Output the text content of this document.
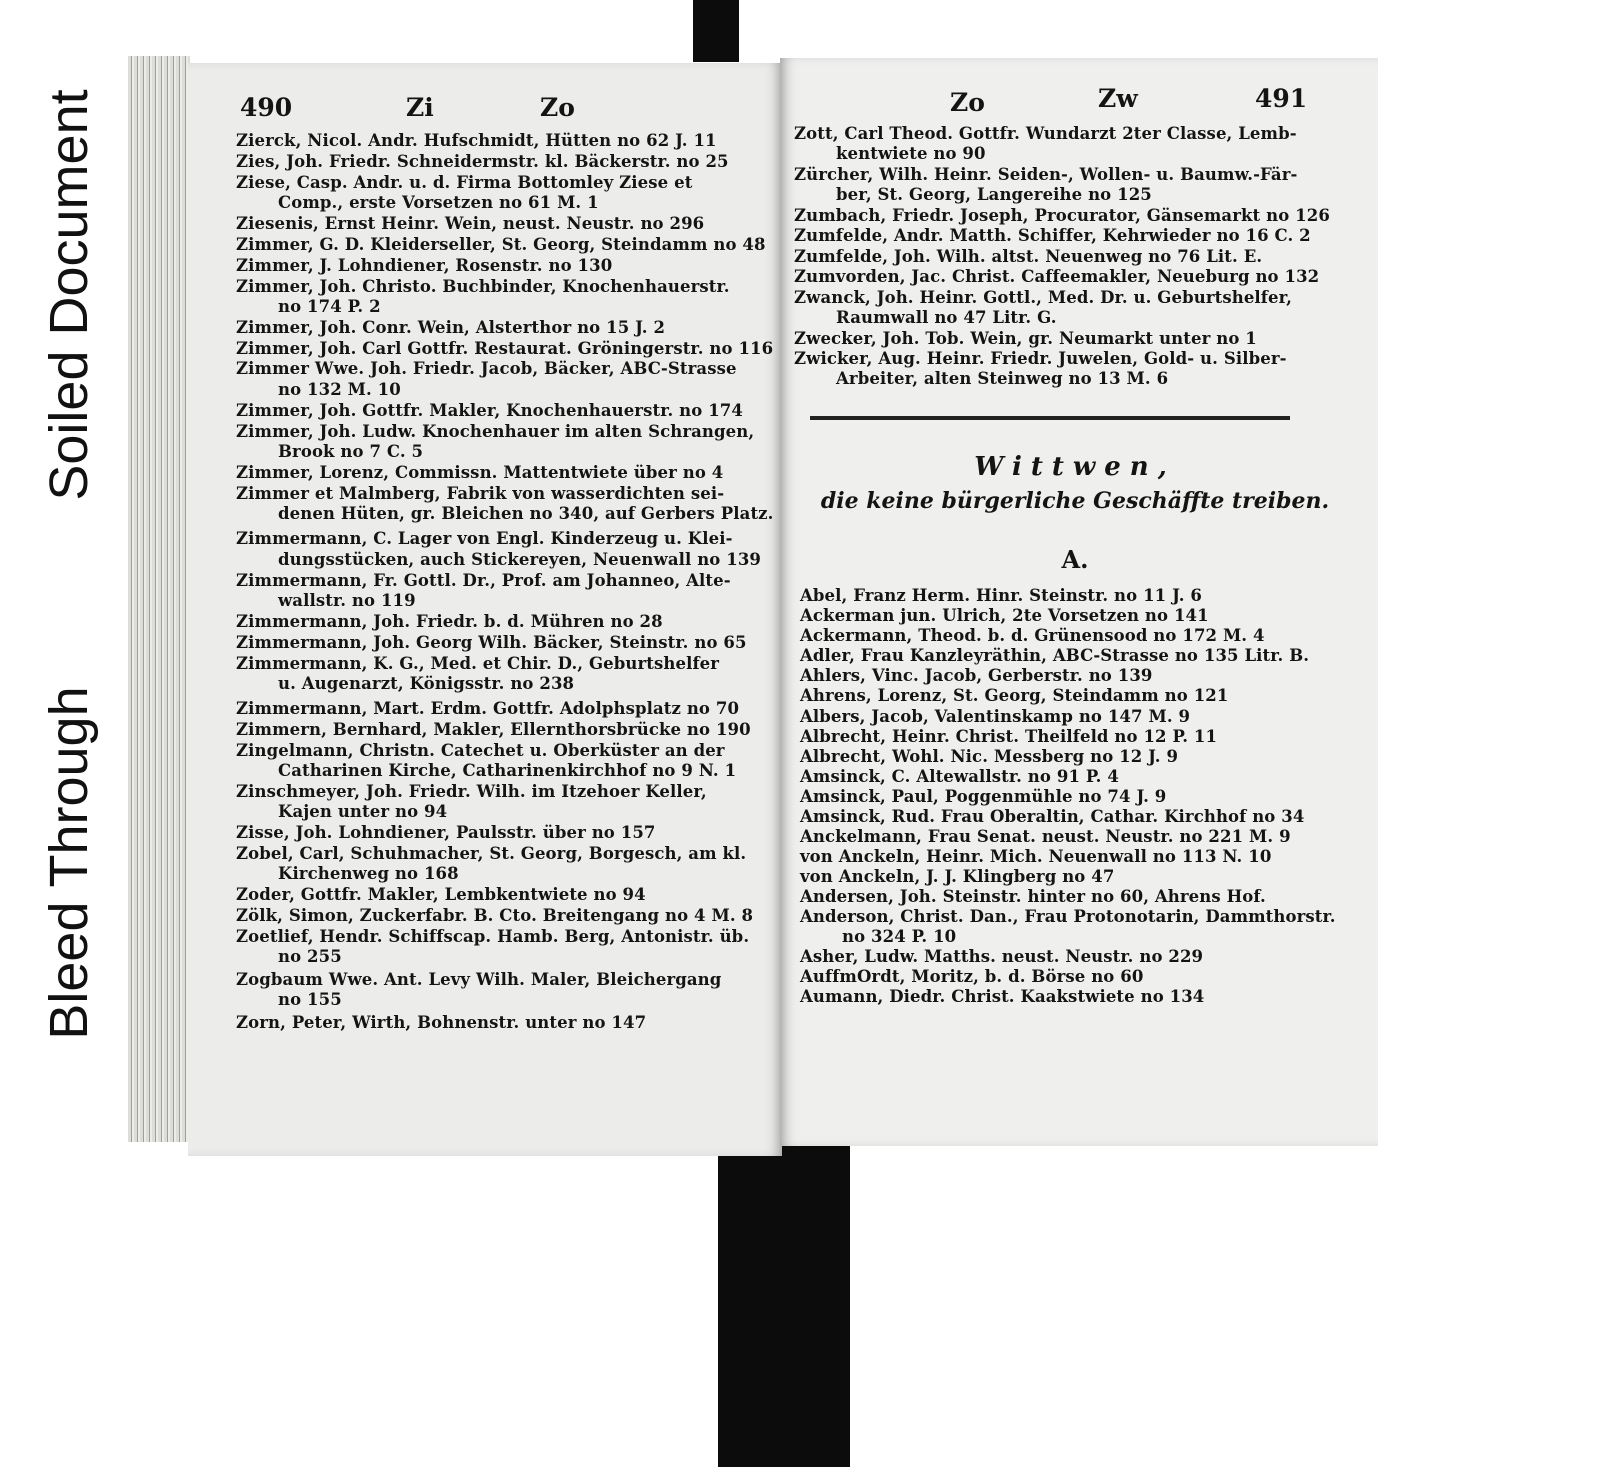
Soiled Document
Bleed Through
490	Zi	Zo
Zierck, Nicol. Andr. Hufschmidt, Hütten no 62 J. 11
Zies, Joh. Friedr. Schneidermstr. kl. Bäckerstr. no 25
Ziese, Casp. Andr. u. d. Firma Bottomley Ziese et
Comp., erste Vorsetzen no 61 M. 1
Ziesenis, Ernst Heinr. Wein, neust. Neustr. no 296
Zimmer, G. D. Kleiderseller, St. Georg, Steindamm no 48
Zimmer, J. Lohndiener, Rosenstr. no 130
Zimmer, Joh. Christo. Buchbinder, Knochenhauerstr.
no 174 P. 2
Zimmer, Joh. Conr. Wein, Alsterthor no 15 J. 2
Zimmer, Joh. Carl Gottfr. Restaurat. Gröningerstr. no 116
Zimmer Wwe. Joh. Friedr. Jacob, Bäcker, ABC-Strasse
no 132 M. 10
Zimmer, Joh. Gottfr. Makler, Knochenhauerstr. no 174
Zimmer, Joh. Ludw. Knochenhauer im alten Schrangen,
Brook no 7 C. 5
Zimmer, Lorenz, Commissn. Mattentwiete über no 4
Zimmer et Malmberg, Fabrik von wasserdichten sei-
denen Hüten, gr. Bleichen no 340, auf Gerbers Platz.
Zimmermann, C. Lager von Engl. Kinderzeug u. Klei-
dungsstücken, auch Stickereyen, Neuenwall no 139
Zimmermann, Fr. Gottl. Dr., Prof. am Johanneo, Alte-
wallstr. no 119
Zimmermann, Joh. Friedr. b. d. Mühren no 28
Zimmermann, Joh. Georg Wilh. Bäcker, Steinstr. no 65
Zimmermann, K. G., Med. et Chir. D., Geburtshelfer
u. Augenarzt, Königsstr. no 238
Zimmermann, Mart. Erdm. Gottfr. Adolphsplatz no 70
Zimmern, Bernhard, Makler, Ellernthorsbrücke no 190
Zingelmann, Christn. Catechet u. Oberküster an der
Catharinen Kirche, Catharinenkirchhof no 9 N. 1
Zinschmeyer, Joh. Friedr. Wilh. im Itzehoer Keller,
Kajen unter no 94
Zisse, Joh. Lohndiener, Paulsstr. über no 157
Zobel, Carl, Schuhmacher, St. Georg, Borgesch, am kl.
Kirchenweg no 168
Zoder, Gottfr. Makler, Lembkentwiete no 94
Zölk, Simon, Zuckerfabr. B. Cto. Breitengang no 4 M. 8
Zoetlief, Hendr. Schiffscap. Hamb. Berg, Antonistr. üb.
no 255
Zogbaum Wwe. Ant. Levy Wilh. Maler, Bleichergang
no 155
Zorn, Peter, Wirth, Bohnenstr. unter no 147
Zo	Zw	491
Zott, Carl Theod. Gottfr. Wundarzt 2ter Classe, Lemb-
kentwiete no 90
Zürcher, Wilh. Heinr. Seiden-, Wollen- u. Baumw.-Fär-
ber, St. Georg, Langereihe no 125
Zumbach, Friedr. Joseph, Procurator, Gänsemarkt no 126
Zumfelde, Andr. Matth. Schiffer, Kehrwieder no 16 C. 2
Zumfelde, Joh. Wilh. altst. Neuenweg no 76 Lit. E.
Zumvorden, Jac. Christ. Caffeemakler, Neueburg no 132
Zwanck, Joh. Heinr. Gottl., Med. Dr. u. Geburtshelfer,
Raumwall no 47 Litr. G.
Zwecker, Joh. Tob. Wein, gr. Neumarkt unter no 1
Zwicker, Aug. Heinr. Friedr. Juwelen, Gold- u. Silber-
Arbeiter, alten Steinweg no 13 M. 6
Wittwen,
die keine bürgerliche Geschäffte treiben.
A.
Abel, Franz Herm. Hinr. Steinstr. no 11 J. 6
Ackerman jun. Ulrich, 2te Vorsetzen no 141
Ackermann, Theod. b. d. Grünensood no 172 M. 4
Adler, Frau Kanzleyräthin, ABC-Strasse no 135 Litr. B.
Ahlers, Vinc. Jacob, Gerberstr. no 139
Ahrens, Lorenz, St. Georg, Steindamm no 121
Albers, Jacob, Valentinskamp no 147 M. 9
Albrecht, Heinr. Christ. Theilfeld no 12 P. 11
Albrecht, Wohl. Nic. Messberg no 12 J. 9
Amsinck, C. Altewallstr. no 91 P. 4
Amsinck, Paul, Poggenmühle no 74 J. 9
Amsinck, Rud. Frau Oberaltin, Cathar. Kirchhof no 34
Anckelmann, Frau Senat. neust. Neustr. no 221 M. 9
von Anckeln, Heinr. Mich. Neuenwall no 113 N. 10
von Anckeln, J. J. Klingberg no 47
Andersen, Joh. Steinstr. hinter no 60, Ahrens Hof.
Anderson, Christ. Dan., Frau Protonotarin, Dammthorstr.
no 324 P. 10
Asher, Ludw. Matths. neust. Neustr. no 229
AuffmOrdt, Moritz, b. d. Börse no 60
Aumann, Diedr. Christ. Kaakstwiete no 134
